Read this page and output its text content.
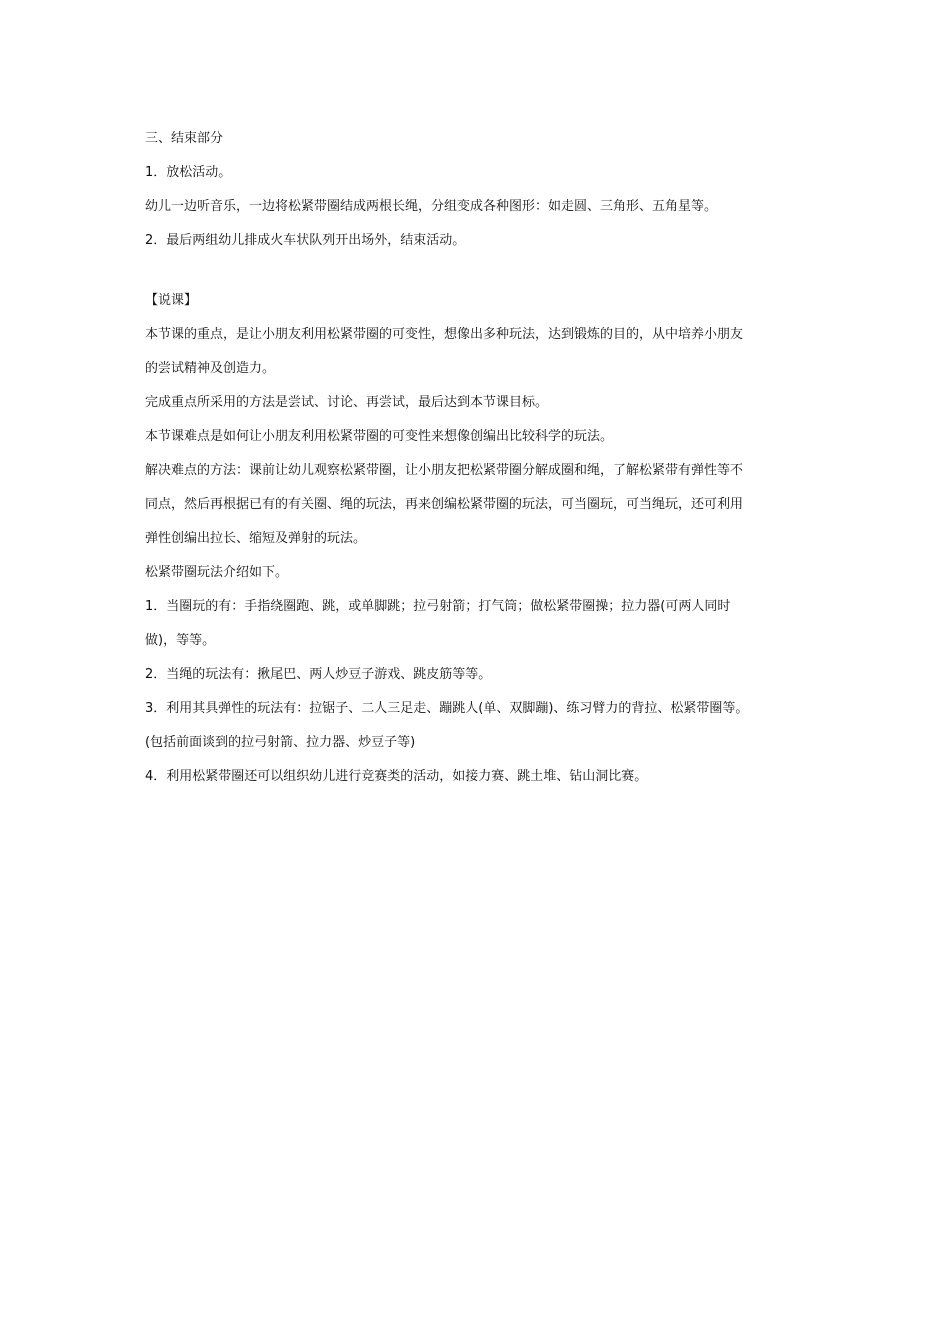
三、结束部分

1．放松活动。

幼儿一边听音乐，一边将松紧带圈结成两根长绳，分组变成各种图形：如走圆、三角形、五角星等。

2．最后两组幼儿排成火车状队列开出场外，结束活动。

【说课】

本节课的重点，是让小朋友利用松紧带圈的可变性，想像出多种玩法，达到锻炼的目的，从中培养小朋友
的尝试精神及创造力。

完成重点所采用的方法是尝试、讨论、再尝试，最后达到本节课目标。

本节课难点是如何让小朋友利用松紧带圈的可变性来想像创编出比较科学的玩法。

解决难点的方法：课前让幼儿观察松紧带圈，让小朋友把松紧带圈分解成圈和绳，了解松紧带有弹性等不
同点，然后再根据已有的有关圈、绳的玩法，再来创编松紧带圈的玩法，可当圈玩，可当绳玩，还可利用
弹性创编出拉长、缩短及弹射的玩法。

松紧带圈玩法介绍如下。

1．当圈玩的有：手指绕圈跑、跳，或单脚跳；拉弓射箭；打气筒；做松紧带圈操；拉力器(可两人同时
做)，等等。

2．当绳的玩法有：揪尾巴、两人炒豆子游戏、跳皮筋等等。

3．利用其具弹性的玩法有：拉锯子、二人三足走、蹦跳人(单、双脚蹦)、练习臂力的背拉、松紧带圈等。
(包括前面谈到的拉弓射箭、拉力器、炒豆子等)

4．利用松紧带圈还可以组织幼儿进行竞赛类的活动，如接力赛、跳土堆、钻山洞比赛。
